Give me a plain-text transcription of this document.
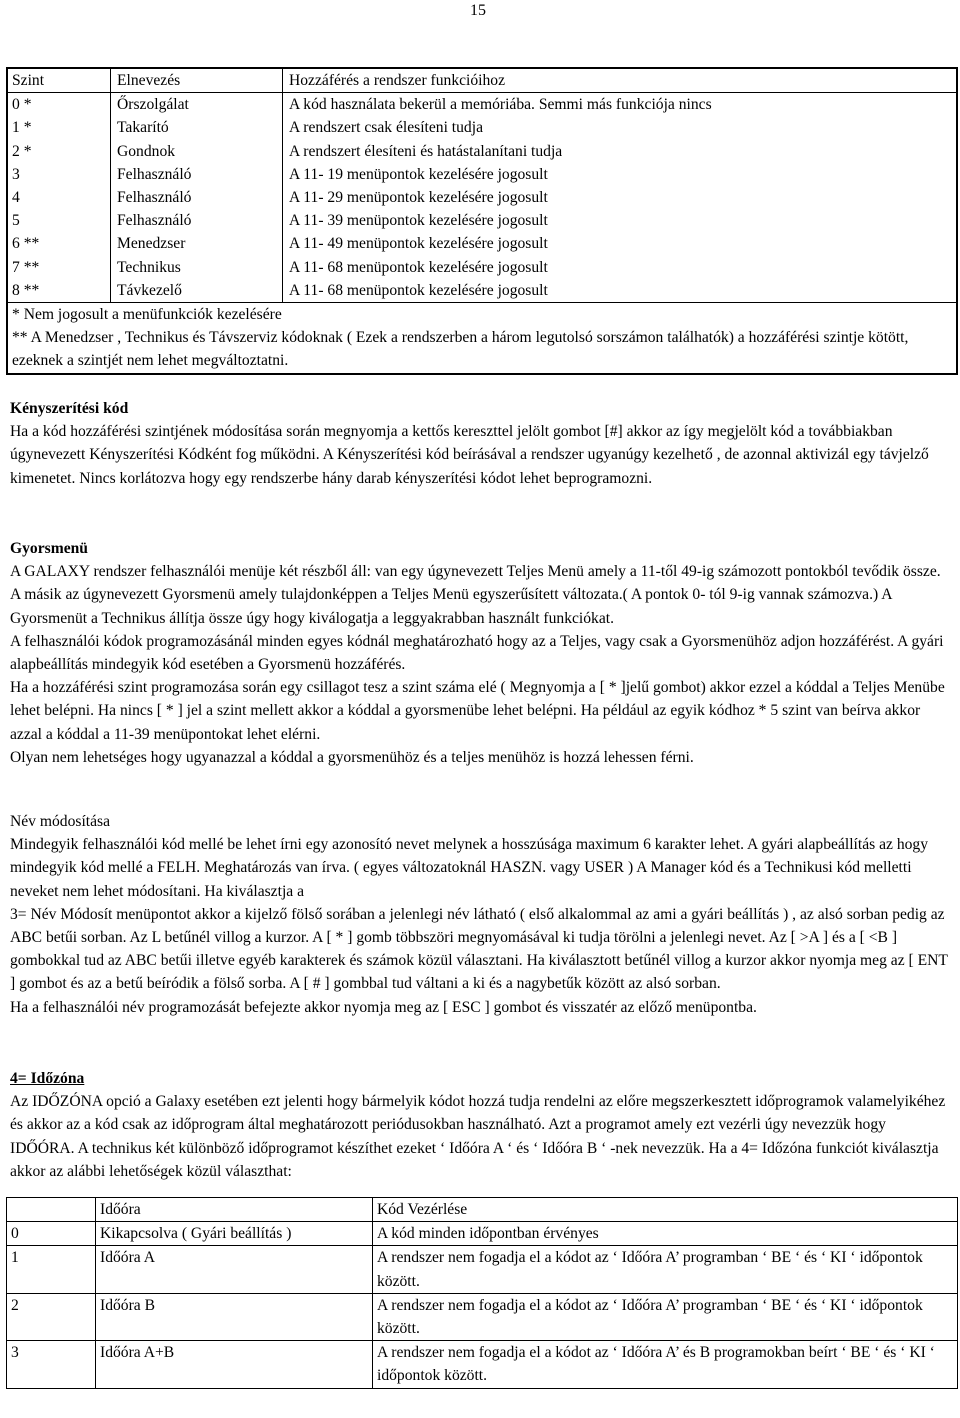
15
Szint	Elnevezés	Hozzáférés a rendszer funkcióihoz
0 *	Őrszolgálat	A kód használata bekerül a memóriába. Semmi más funkciója nincs
1 *	Takarító	A rendszert csak élesíteni tudja
2 *	Gondnok	A rendszert élesíteni és hatástalanítani tudja
3	Felhasználó	A 11- 19 menüpontok kezelésére jogosult
4	Felhasználó	A 11- 29 menüpontok kezelésére jogosult
5	Felhasználó	A 11- 39 menüpontok kezelésére jogosult
6 **	Menedzser	A 11- 49 menüpontok kezelésére jogosult
7 **	Technikus	A 11- 68 menüpontok kezelésére jogosult
8 **	Távkezelő	A 11- 68 menüpontok kezelésére jogosult
* Nem jogosult a menüfunkciók kezelésére		
** A Menedzser , Technikus és Távszerviz kódoknak ( Ezek a rendszerben a három legutolsó sorszámon találhatók) a hozzáférési szintje kötött, ezeknek a szintjét nem lehet megváltoztatni.		

Kényszerítési kód

Ha a kód hozzáférési szintjének módosítása során megnyomja a kettős kereszttel jelölt gombot [#] akkor az így megjelölt kód a továbbiakban úgynevezett Kényszerítési Kódként fog működni. A Kényszerítési kód beírásával a rendszer ugyanúgy kezelhető , de azonnal aktivizál egy távjelző kimenetet. Nincs korlátozva hogy egy rendszerbe hány darab kényszerítési kódot lehet beprogramozni.

Gyorsmenü

A GALAXY rendszer felhasználói menüje két részből áll: van egy úgynevezett Teljes Menü amely a 11-től 49-ig számozott pontokból tevődik össze. A másik az úgynevezett Gyorsmenü amely tulajdonképpen a Teljes Menü egyszerűsített változata.( A pontok 0- tól 9-ig vannak számozva.) A Gyorsmenüt a Technikus állítja össze úgy hogy kiválogatja a leggyakrabban használt funkciókat.

A felhasználói kódok programozásánál minden egyes kódnál meghatározható hogy az a Teljes, vagy csak a Gyorsmenühöz adjon hozzáférést. A gyári alapbeállítás mindegyik kód esetében a Gyorsmenü hozzáférés.

Ha a hozzáférési szint programozása során egy csillagot tesz a szint száma elé ( Megnyomja a [ * ]jelű gombot) akkor ezzel a kóddal a Teljes Menübe lehet belépni. Ha nincs [ * ] jel a szint mellett akkor a kóddal a gyorsmenübe lehet belépni. Ha például az egyik kódhoz * 5 szint van beírva akkor azzal a kóddal a 11-39 menüpontokat lehet elérni.

Olyan nem lehetséges hogy ugyanazzal a kóddal a gyorsmenühöz és a teljes menühöz is hozzá lehessen férni.

Név módosítása

Mindegyik felhasználói kód mellé be lehet írni egy azonosító nevet melynek a hosszúsága maximum 6 karakter lehet. A gyári alapbeállítás az hogy mindegyik kód mellé a FELH. Meghatározás van írva. ( egyes változatoknál HASZN. vagy USER ) A Manager kód és a Technikusi kód melletti neveket nem lehet módosítani. Ha kiválasztja a

3= Név Módosít menüpontot akkor a kijelző fölső sorában a jelenlegi név látható ( első alkalommal az ami a gyári beállítás ) , az alsó sorban pedig az ABC betűi sorban. Az L betűnél villog a kurzor. A [ * ] gomb többszöri megnyomásával ki tudja törölni a jelenlegi nevet. Az [ >A ] és a [ <B ] gombokkal tud az ABC betűi illetve egyéb karakterek és számok közül választani. Ha kiválasztott betűnél villog a kurzor akkor nyomja meg az [ ENT ] gombot és az a betű beíródik a fölső sorba. A [ # ] gombbal tud váltani a ki és a nagybetűk között az alsó sorban.

Ha a felhasználói név programozását befejezte akkor nyomja meg az [ ESC ] gombot és visszatér az előző menüpontba.

4= Időzóna

Az IDŐZÓNA opció a Galaxy esetében ezt jelenti hogy bármelyik kódot hozzá tudja rendelni az előre megszerkesztett időprogramok valamelyikéhez és akkor az a kód csak az időprogram által meghatározott periódusokban használható. Azt a programot amely ezt vezérli úgy nevezzük hogy IDŐÓRA. A technikus két különböző időprogramot készíthet ezeket ‘ Időóra A ‘ és ‘ Időóra B ‘ -nek nevezzük. Ha a 4= Időzóna funkciót kiválasztja akkor az alábbi lehetőségek közül választhat:

	Időóra	Kód Vezérlése
0	Kikapcsolva ( Gyári beállítás )	A kód minden időpontban érvényes
1	Időóra A	A rendszer nem fogadja el a kódot az ‘ Időóra A’ programban ‘ BE ‘ és ‘ KI ‘ időpontok között.
2	Időóra B	A rendszer nem fogadja el a kódot az ‘ Időóra A’ programban ‘ BE ‘ és ‘ KI ‘ időpontok között.
3	Időóra A+B	A rendszer nem fogadja el a kódot az ‘ Időóra A’ és B programokban beírt ‘ BE ‘ és ‘ KI ‘ időpontok között.
